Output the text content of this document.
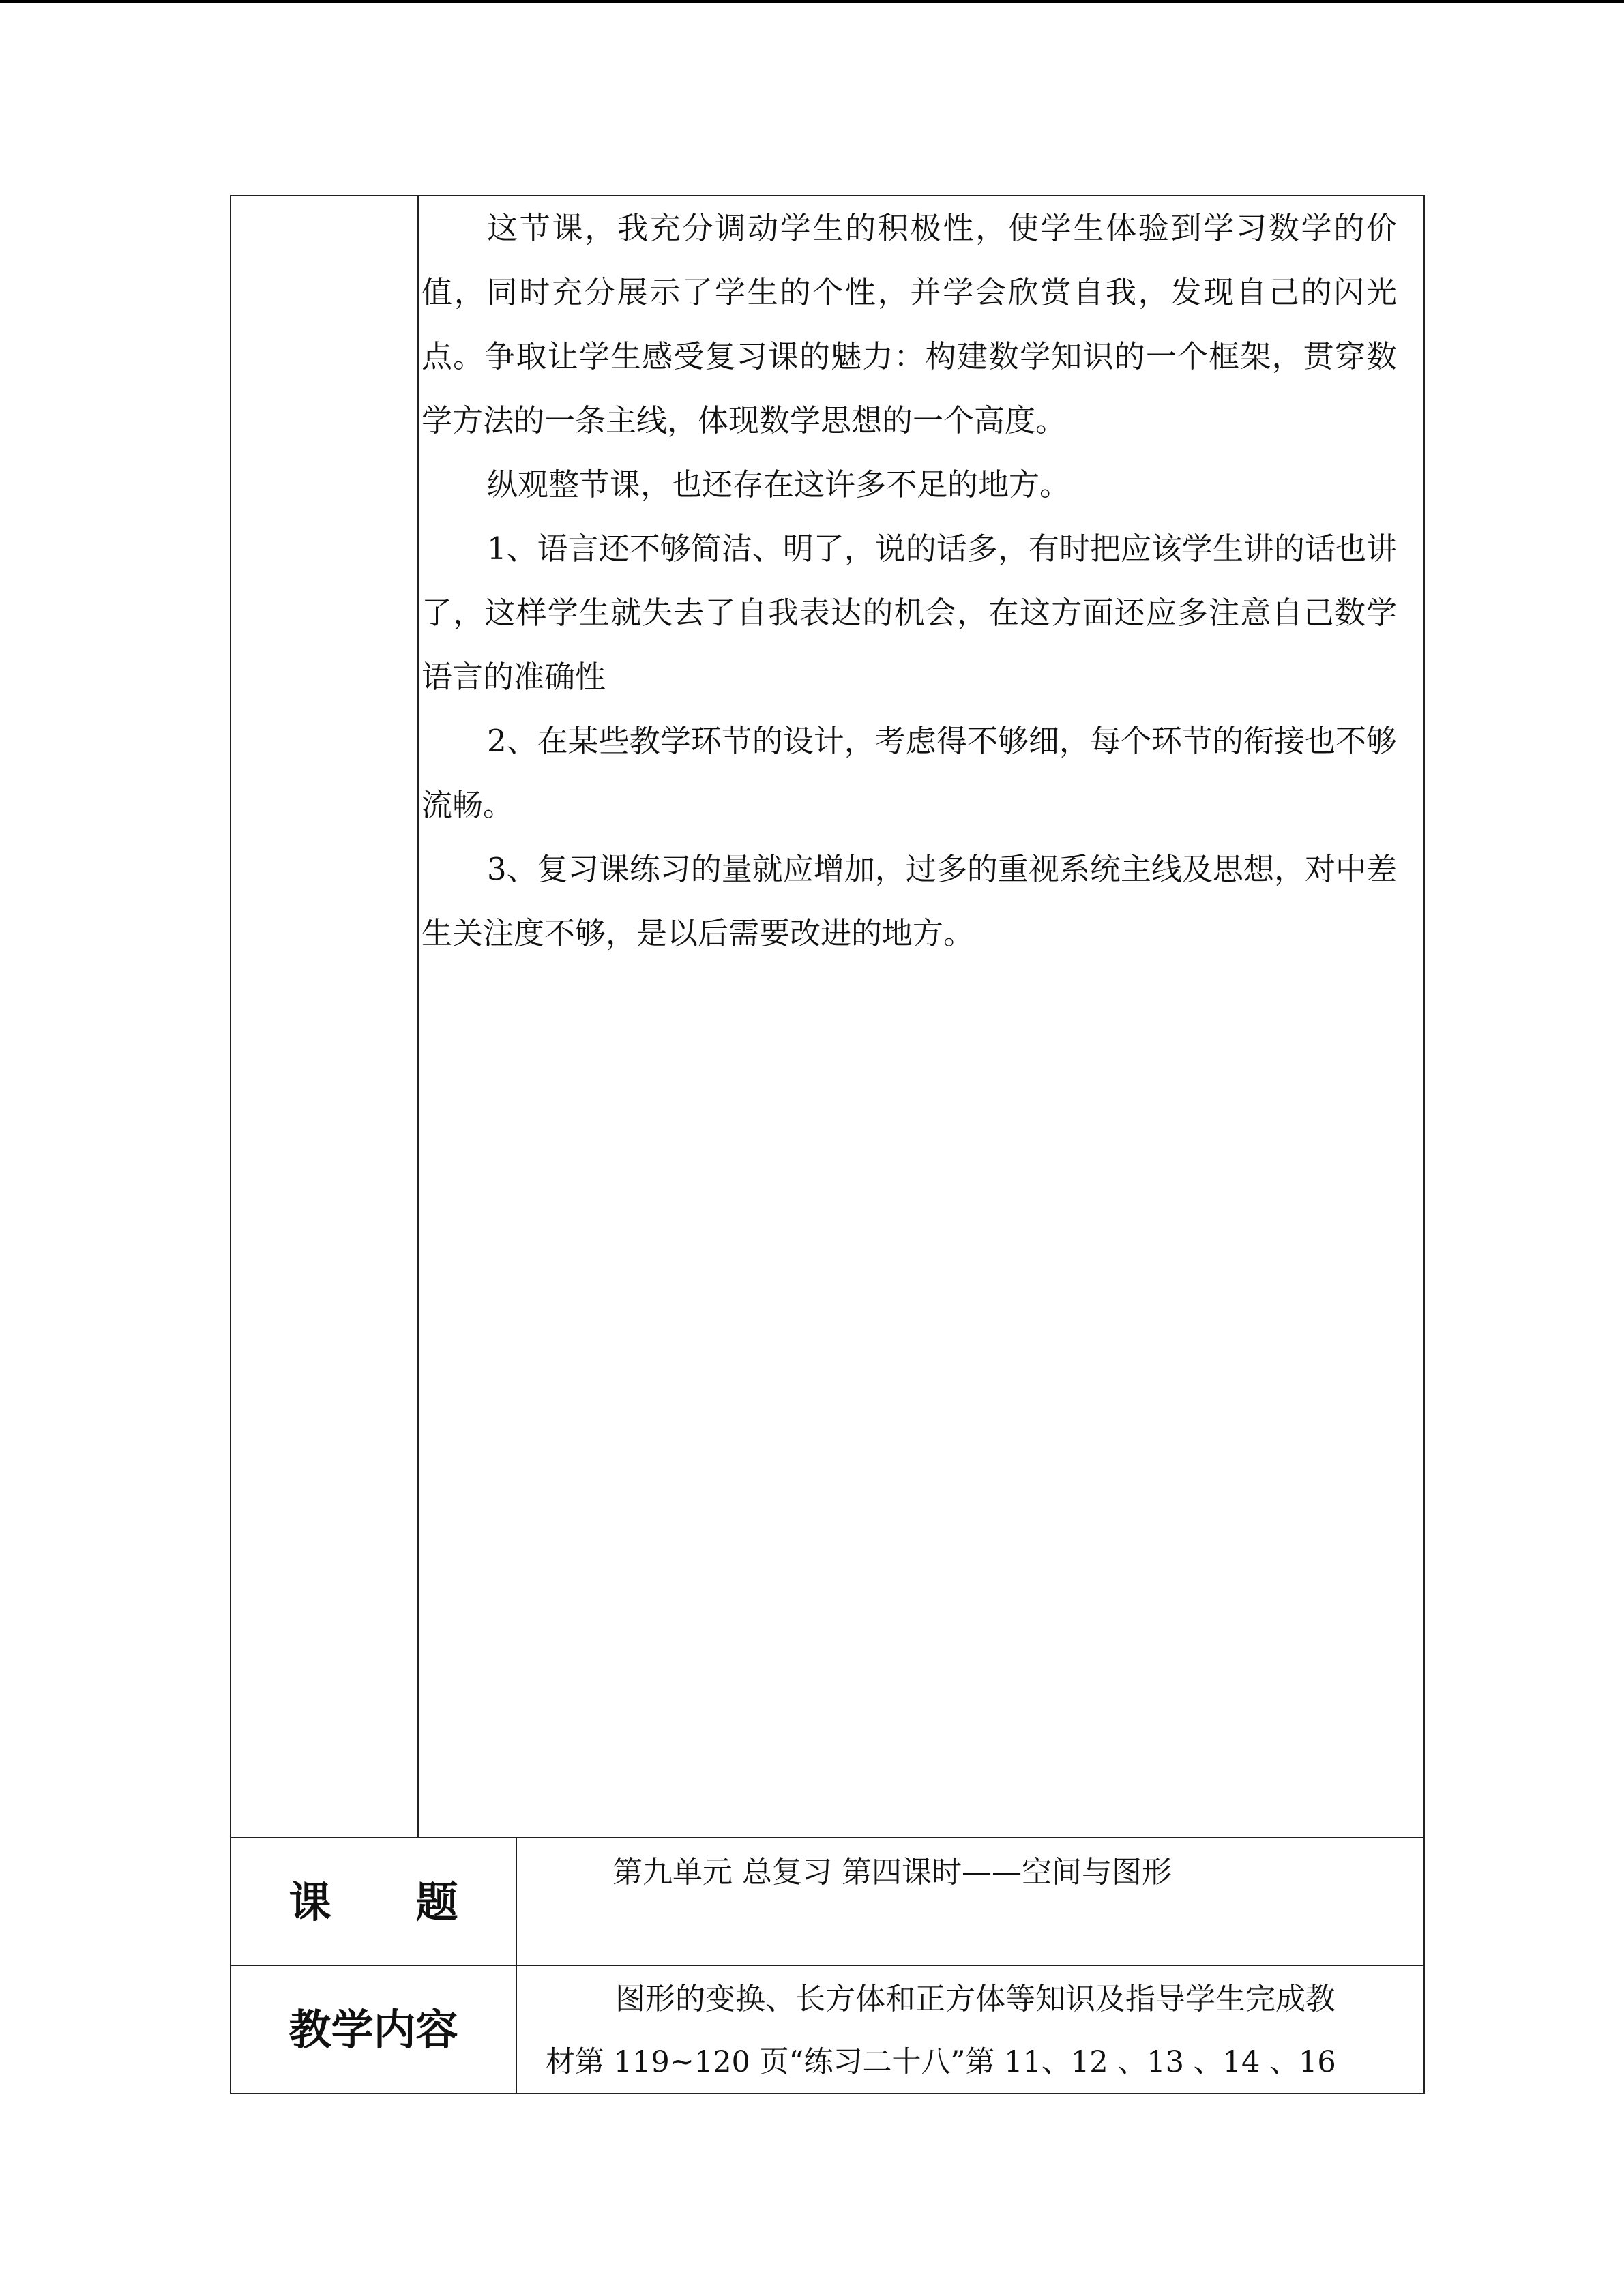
这节课，我充分调动学生的积极性，使学生体验到学习数学的价值，同时充分展示了学生的个性，并学会欣赏自我，发现自己的闪光点。争取让学生感受复习课的魅力：构建数学知识的一个框架，贯穿数学方法的一条主线，体现数学思想的一个高度。

纵观整节课，也还存在这许多不足的地方。

1、语言还不够简洁、明了，说的话多，有时把应该学生讲的话也讲了，这样学生就失去了自我表达的机会，在这方面还应多注意自己数学语言的准确性

2、在某些教学环节的设计，考虑得不够细，每个环节的衔接也不够流畅。

3、复习课练习的量就应增加，过多的重视系统主线及思想，对中差生关注度不够，是以后需要改进的地方。

课　　题
第九单元 总复习 第四课时——空间与图形
教学内容
图形的变换、长方体和正方体等知识及指导学生完成教
材第 119~120 页“练习二十八”第 11、12 、13 、14 、16
